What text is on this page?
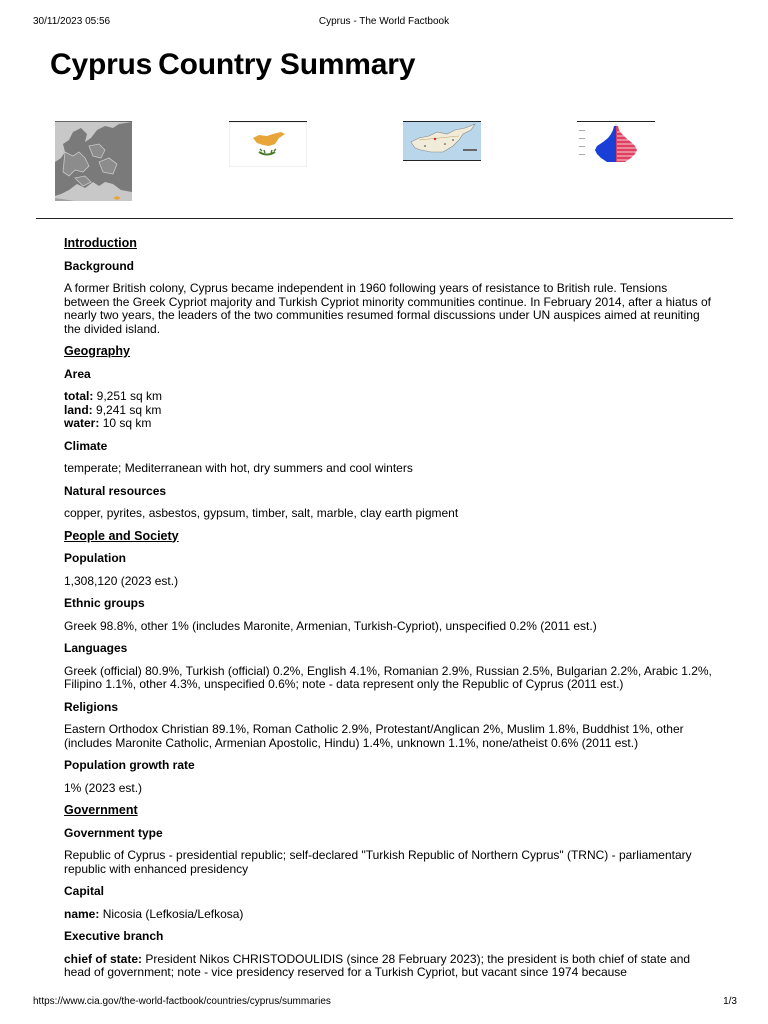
30/11/2023 05:56	Cyprus - The World Factbook
Cyprus Country Summary
Introduction
Background

A former British colony, Cyprus became independent in 1960 following years of resistance to British rule. Tensions between the Greek Cypriot majority and Turkish Cypriot minority communities continue. In February 2014, after a hiatus of nearly two years, the leaders of the two communities resumed formal discussions under UN auspices aimed at reuniting the divided island.

Geography
Area
total: 9,251 sq km
land: 9,241 sq km
water: 10 sq km
Climate

temperate; Mediterranean with hot, dry summers and cool winters

Natural resources

copper, pyrites, asbestos, gypsum, timber, salt, marble, clay earth pigment

People and Society
Population

1,308,120 (2023 est.)

Ethnic groups

Greek 98.8%, other 1% (includes Maronite, Armenian, Turkish-Cypriot), unspecified 0.2% (2011 est.)

Languages

Greek (official) 80.9%, Turkish (official) 0.2%, English 4.1%, Romanian 2.9%, Russian 2.5%, Bulgarian 2.2%, Arabic 1.2%, Filipino 1.1%, other 4.3%, unspecified 0.6%; note - data represent only the Republic of Cyprus (2011 est.)

Religions

Eastern Orthodox Christian 89.1%, Roman Catholic 2.9%, Protestant/Anglican 2%, Muslim 1.8%, Buddhist 1%, other (includes Maronite Catholic, Armenian Apostolic, Hindu) 1.4%, unknown 1.1%, none/atheist 0.6% (2011 est.)

Population growth rate

1% (2023 est.)

Government
Government type

Republic of Cyprus - presidential republic; self-declared "Turkish Republic of Northern Cyprus" (TRNC) - parliamentary republic with enhanced presidency

Capital

name: Nicosia (Lefkosia/Lefkosa)

Executive branch

chief of state: President Nikos CHRISTODOULIDIS (since 28 February 2023); the president is both chief of state and head of government; note - vice presidency reserved for a Turkish Cypriot, but vacant since 1974 because

https://www.cia.gov/the-world-factbook/countries/cyprus/summaries	1/3
